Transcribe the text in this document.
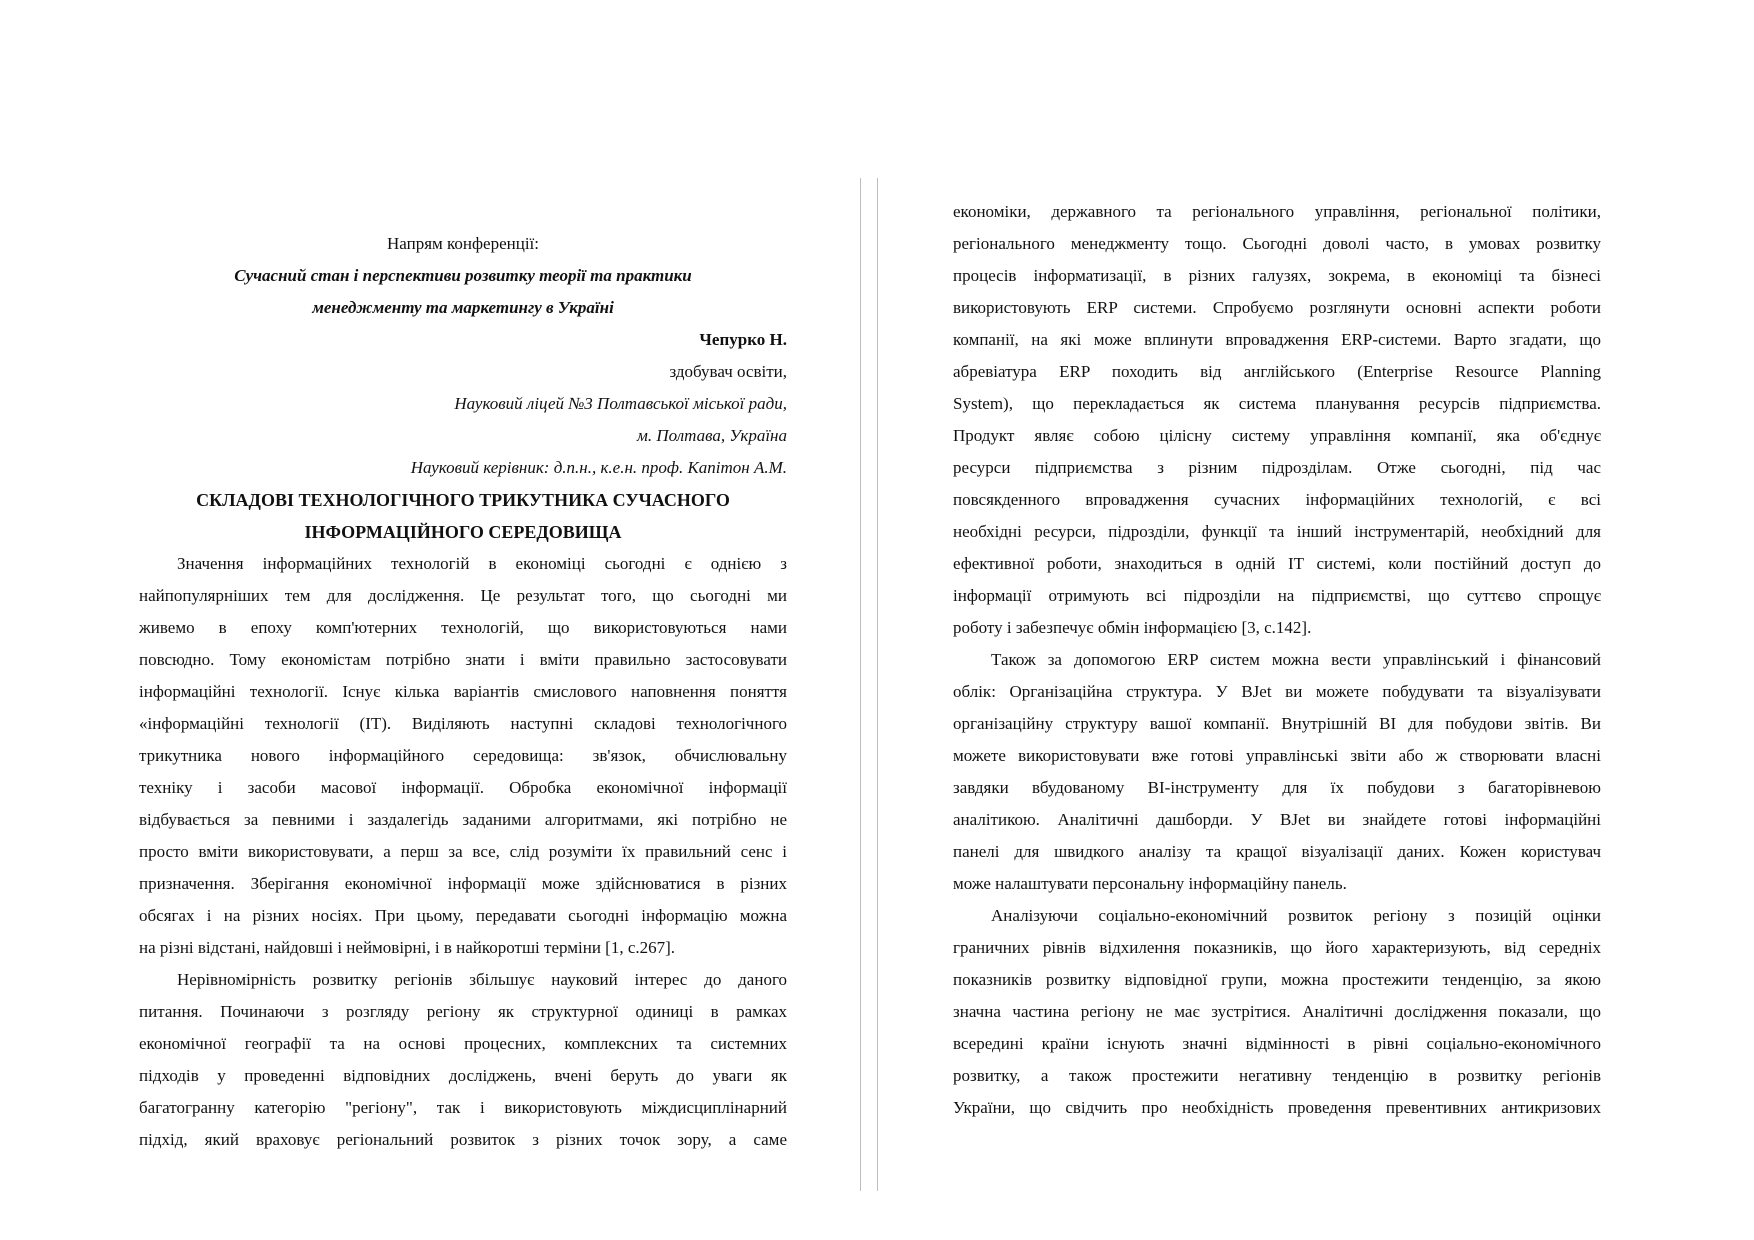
Напрям конференції:
Сучасний стан і перспективи розвитку теорії та практики
менеджменту та маркетингу в Україні
Чепурко Н.
здобувач освіти,
Науковий ліцей №3 Полтавської міської ради,
м. Полтава, Україна
Науковий керівник: д.п.н., к.е.н. проф. Капітон А.М.
СКЛАДОВІ ТЕХНОЛОГІЧНОГО ТРИКУТНИКА СУЧАСНОГО
ІНФОРМАЦІЙНОГО СЕРЕДОВИЩА
Значення інформаційних технологій в економіці сьогодні є однією з
найпопулярніших тем для дослідження. Це результат того, що сьогодні ми
живемо в епоху комп'ютерних технологій, що використовуються нами
повсюдно. Тому економістам потрібно знати і вміти правильно застосовувати
інформаційні технології. Існує кілька варіантів смислового наповнення поняття
«інформаційні технології (ІТ). Виділяють наступні складові технологічного
трикутника нового інформаційного середовища: зв'язок, обчислювальну
техніку і засоби масової інформації. Обробка економічної інформації
відбувається за певними і заздалегідь заданими алгоритмами, які потрібно не
просто вміти використовувати, а перш за все, слід розуміти їх правильний сенс і
призначення. Зберігання економічної інформації може здійснюватися в різних
обсягах і на різних носіях. При цьому, передавати сьогодні інформацію можна
на різні відстані, найдовші і неймовірні, і в найкоротші терміни [1, с.267].
Нерівномірність розвитку регіонів збільшує науковий інтерес до даного
питання. Починаючи з розгляду регіону як структурної одиниці в рамках
економічної географії та на основі процесних, комплексних та системних
підходів у проведенні відповідних досліджень, вчені беруть до уваги як
багатогранну категорію "регіону", так і використовують міждисциплінарний
підхід, який враховує регіональний розвиток з різних точок зору, а саме
економіки, державного та регіонального управління, регіональної політики,
регіонального менеджменту тощо. Сьогодні доволі часто, в умовах розвитку
процесів інформатизації, в різних галузях, зокрема, в економіці та бізнесі
використовують ERP системи. Спробуємо розглянути основні аспекти роботи
компанії, на які може вплинути впровадження ERP-системи. Варто згадати, що
абревіатура ERP походить від англійського (Enterprise Resource Planning
System), що перекладається як система планування ресурсів підприємства.
Продукт являє собою цілісну систему управління компанії, яка об'єднує
ресурси підприємства з різним підрозділам. Отже сьогодні, під час
повсякденного впровадження сучасних інформаційних технологій, є всі
необхідні ресурси, підрозділи, функції та інший інструментарій, необхідний для
ефективної роботи, знаходиться в одній IT системі, коли постійний доступ до
інформації отримують всі підрозділи на підприємстві, що суттєво спрощує
роботу і забезпечує обмін інформацією [3, с.142].
Також за допомогою ERP систем можна вести управлінський і фінансовий
облік: Організаційна структура. У BJet ви можете побудувати та візуалізувати
організаційну структуру вашої компанії. Внутрішній BI для побудови звітів. Ви
можете використовувати вже готові управлінські звіти або ж створювати власні
завдяки вбудованому BI-інструменту для їх побудови з багаторівневою
аналітикою. Аналітичні дашборди. У BJet ви знайдете готові інформаційні
панелі для швидкого аналізу та кращої візуалізації даних. Кожен користувач
може налаштувати персональну інформаційну панель.
Аналізуючи соціально-економічний розвиток регіону з позицій оцінки
граничних рівнів відхилення показників, що його характеризують, від середніх
показників розвитку відповідної групи, можна простежити тенденцію, за якою
значна частина регіону не має зустрітися. Аналітичні дослідження показали, що
всередині країни існують значні відмінності в рівні соціально-економічного
розвитку, а також простежити негативну тенденцію в розвитку регіонів
України, що свідчить про необхідність проведення превентивних антикризових
